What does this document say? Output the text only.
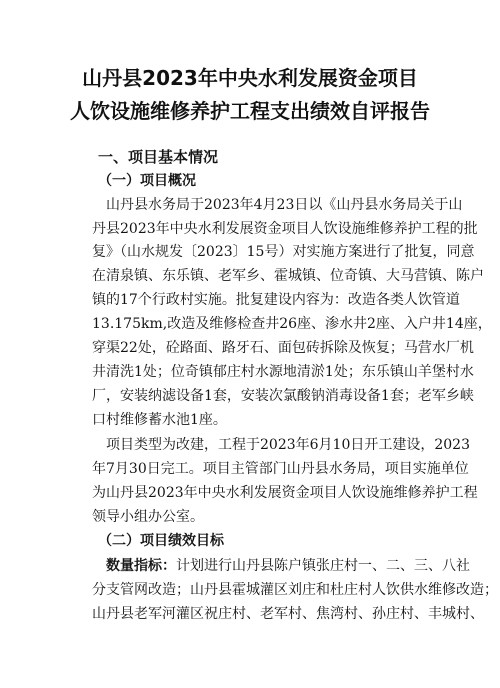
山丹县2023年中央水利发展资金项目
人饮设施维修养护工程支出绩效自评报告
一、项目基本情况
（一）项目概况
山丹县水务局于2023年4月23日以《山丹县水务局关于山
丹县2023年中央水利发展资金项目人饮设施维修养护工程的批
复》（山水规发〔2023〕15号）对实施方案进行了批复，同意
在清泉镇、东乐镇、老军乡、霍城镇、位奇镇、大马营镇、陈户
镇的17个行政村实施。批复建设内容为：改造各类人饮管道
13.175km,改造及维修检查井26座、渗水井2座、入户井14座，
穿渠22处，砼路面、路牙石、面包砖拆除及恢复；马营水厂机
井清洗1处；位奇镇郁庄村水源地清淤1处；东乐镇山羊堡村水
厂，安装纳滤设备1套，安装次氯酸钠消毒设备1套；老军乡峡
口村维修蓄水池1座。
项目类型为改建，工程于2023年6月10日开工建设，2023
年7月30日完工。项目主管部门山丹县水务局，项目实施单位
为山丹县2023年中央水利发展资金项目人饮设施维修养护工程
领导小组办公室。
（二）项目绩效目标
数量指标：计划进行山丹县陈户镇张庄村一、二、三、八社
分支管网改造；山丹县霍城灌区刘庄和杜庄村人饮供水维修改造；
山丹县老军河灌区祝庄村、老军村、焦湾村、孙庄村、丰城村、
